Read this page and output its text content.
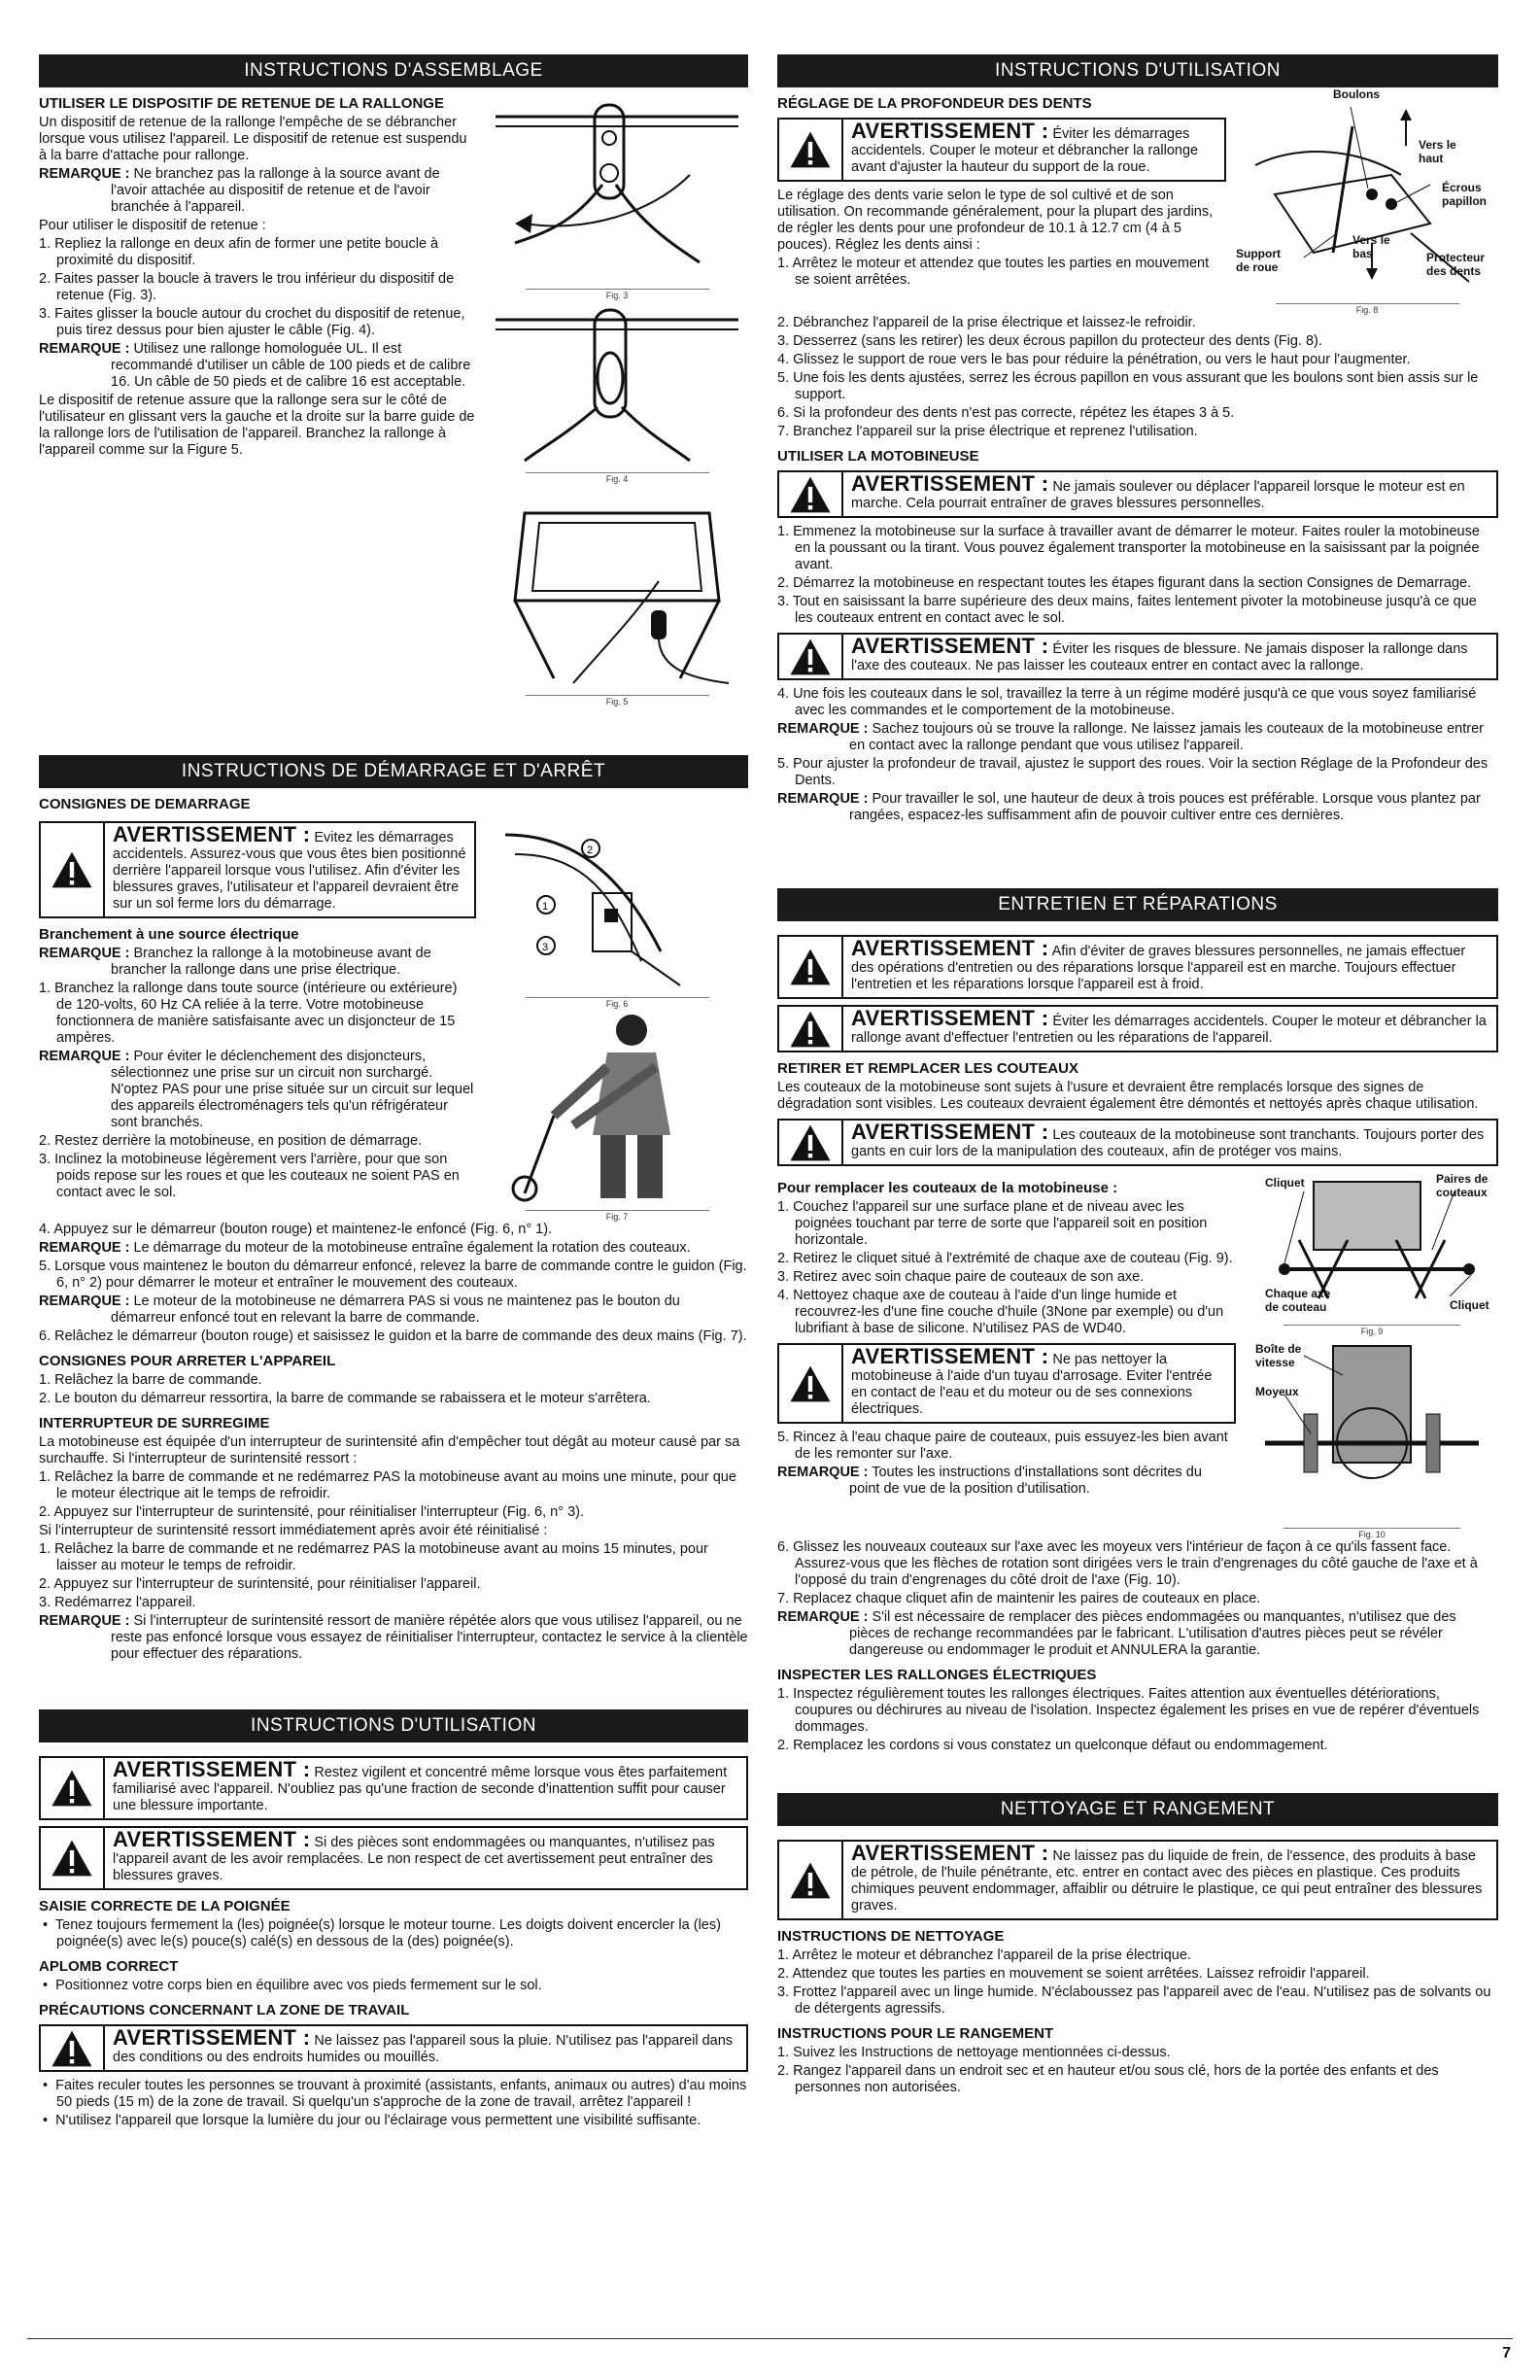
INSTRUCTIONS D'ASSEMBLAGE
UTILISER LE DISPOSITIF DE RETENUE DE LA RALLONGE
Un dispositif de retenue de la rallonge l'empêche de se débrancher lorsque vous utilisez l'appareil. Le dispositif de retenue est suspendu à la barre d'attache pour rallonge.
REMARQUE : Ne branchez pas la rallonge à la source avant de l'avoir attachée au dispositif de retenue et de l'avoir branchée à l'appareil.
Pour utiliser le dispositif de retenue :
1. Repliez la rallonge en deux afin de former une petite boucle à proximité du dispositif.
2. Faites passer la boucle à travers le trou inférieur du dispositif de retenue (Fig. 3).
3. Faites glisser la boucle autour du crochet du dispositif de retenue, puis tirez dessus pour bien ajuster le câble (Fig. 4).
REMARQUE : Utilisez une rallonge homologuée UL. Il est recommandé d'utiliser un câble de 100 pieds et de calibre 16. Un câble de 50 pieds et de calibre 16 est acceptable.
Le dispositif de retenue assure que la rallonge sera sur le côté de l'utilisateur en glissant vers la gauche et la droite sur la barre guide de la rallonge lors de l'utilisation de l'appareil. Branchez la rallonge à l'appareil comme sur la Figure 5.
Fig. 3
Fig. 4
Fig. 5
INSTRUCTIONS DE DÉMARRAGE ET D'ARRÊT
CONSIGNES DE DEMARRAGE
AVERTISSEMENT : Evitez les démarrages accidentels. Assurez-vous que vous êtes bien positionné derrière l'appareil lorsque vous l'utilisez. Afin d'éviter les blessures graves, l'utilisateur et l'appareil devraient être sur un sol ferme lors du démarrage.
Branchement à une source électrique
REMARQUE : Branchez la rallonge à la motobineuse avant de brancher la rallonge dans une prise électrique.
1. Branchez la rallonge dans toute source (intérieure ou extérieure) de 120-volts, 60 Hz CA reliée à la terre. Votre motobineuse fonctionnera de manière satisfaisante avec un disjoncteur de 15 ampères.
REMARQUE : Pour éviter le déclenchement des disjoncteurs, sélectionnez une prise sur un circuit non surchargé. N'optez PAS pour une prise située sur un circuit sur lequel des appareils électroménagers tels qu'un réfrigérateur sont branchés.
2. Restez derrière la motobineuse, en position de démarrage.
3. Inclinez la motobineuse légèrement vers l'arrière, pour que son poids repose sur les roues et que les couteaux ne soient PAS en contact avec le sol.
2
1
3
Fig. 6
Fig. 7
4. Appuyez sur le démarreur (bouton rouge) et maintenez-le enfoncé (Fig. 6, n° 1).
REMARQUE : Le démarrage du moteur de la motobineuse entraîne également la rotation des couteaux.
5. Lorsque vous maintenez le bouton du démarreur enfoncé, relevez la barre de commande contre le guidon (Fig. 6, n° 2) pour démarrer le moteur et entraîner le mouvement des couteaux.
REMARQUE : Le moteur de la motobineuse ne démarrera PAS si vous ne maintenez pas le bouton du démarreur enfoncé tout en relevant la barre de commande.
6. Relâchez le démarreur (bouton rouge) et saisissez le guidon et la barre de commande des deux mains (Fig. 7).
CONSIGNES POUR ARRETER L'APPAREIL
1. Relâchez la barre de commande.
2. Le bouton du démarreur ressortira, la barre de commande se rabaissera et le moteur s'arrêtera.
INTERRUPTEUR DE SURREGIME
La motobineuse est équipée d'un interrupteur de surintensité afin d'empêcher tout dégât au moteur causé par sa surchauffe. Si l'interrupteur de surintensité ressort :
1. Relâchez la barre de commande et ne redémarrez PAS la motobineuse avant au moins une minute, pour que le moteur électrique ait le temps de refroidir.
2. Appuyez sur l'interrupteur de surintensité, pour réinitialiser l'interrupteur (Fig. 6, n° 3).
Si l'interrupteur de surintensité ressort immédiatement après avoir été réinitialisé :
1. Relâchez la barre de commande et ne redémarrez PAS la motobineuse avant au moins 15 minutes, pour laisser au moteur le temps de refroidir.
2. Appuyez sur l'interrupteur de surintensité, pour réinitialiser l'appareil.
3. Redémarrez l'appareil.
REMARQUE : Si l'interrupteur de surintensité ressort de manière répétée alors que vous utilisez l'appareil, ou ne reste pas enfoncé lorsque vous essayez de réinitialiser l'interrupteur, contactez le service à la clientèle pour effectuer des réparations.
INSTRUCTIONS D'UTILISATION
AVERTISSEMENT : Restez vigilent et concentré même lorsque vous êtes parfaitement familiarisé avec l'appareil. N'oubliez pas qu'une fraction de seconde d'inattention suffit pour causer une blessure importante.
AVERTISSEMENT : Si des pièces sont endommagées ou manquantes, n'utilisez pas l'appareil avant de les avoir remplacées. Le non respect de cet avertissement peut entraîner des blessures graves.
SAISIE CORRECTE DE LA POIGNÉE
•  Tenez toujours fermement la (les) poignée(s) lorsque le moteur tourne. Les doigts doivent encercler la (les) poignée(s) avec le(s) pouce(s) calé(s) en dessous de la (des) poignée(s).
APLOMB CORRECT
•  Positionnez votre corps bien en équilibre avec vos pieds fermement sur le sol.
PRÉCAUTIONS CONCERNANT LA ZONE DE TRAVAIL
AVERTISSEMENT : Ne laissez pas l'appareil sous la pluie. N'utilisez pas l'appareil dans des conditions ou des endroits humides ou mouillés.
•  Faites reculer toutes les personnes se trouvant à proximité (assistants, enfants, animaux ou autres) d'au moins 50 pieds (15 m) de la zone de travail. Si quelqu'un s'approche de la zone de travail, arrêtez l'appareil !
•  N'utilisez l'appareil que lorsque la lumière du jour ou l'éclairage vous permettent une visibilité suffisante.
INSTRUCTIONS D'UTILISATION
RÉGLAGE DE LA PROFONDEUR DES DENTS
AVERTISSEMENT : Éviter les démarrages accidentels. Couper le moteur et débrancher la rallonge avant d'ajuster la hauteur du support de la roue.
Le réglage des dents varie selon le type de sol cultivé et de son utilisation. On recommande généralement, pour la plupart des jardins, de régler les dents pour une profondeur de 10.1 à 12.7 cm (4 à 5 pouces). Réglez les dents ainsi :
1. Arrêtez le moteur et attendez que toutes les parties en mouvement se soient arrêtées.
Boulons
Vers le haut
Écrous papillon
Support de roue
Vers le bas	Protecteur des dents
Fig. 8
2. Débranchez l'appareil de la prise électrique et laissez-le refroidir.
3. Desserrez (sans les retirer) les deux écrous papillon du protecteur des dents (Fig. 8).
4. Glissez le support de roue vers le bas pour réduire la pénétration, ou vers le haut pour l'augmenter.
5. Une fois les dents ajustées, serrez les écrous papillon en vous assurant que les boulons sont bien assis sur le support.
6. Si la profondeur des dents n'est pas correcte, répétez les étapes 3 à 5.
7. Branchez l'appareil sur la prise électrique et reprenez l'utilisation.
UTILISER LA MOTOBINEUSE
AVERTISSEMENT : Ne jamais soulever ou déplacer l'appareil lorsque le moteur est en marche. Cela pourrait entraîner de graves blessures personnelles.
1. Emmenez la motobineuse sur la surface à travailler avant de démarrer le moteur. Faites rouler la motobineuse en la poussant ou la tirant. Vous pouvez également transporter la motobineuse en la saisissant par la poignée avant.
2. Démarrez la motobineuse en respectant toutes les étapes figurant dans la section Consignes de Demarrage.
3. Tout en saisissant la barre supérieure des deux mains, faites lentement pivoter la motobineuse jusqu'à ce que les couteaux entrent en contact avec le sol.
AVERTISSEMENT : Éviter les risques de blessure. Ne jamais disposer la rallonge dans l'axe des couteaux. Ne pas laisser les couteaux entrer en contact avec la rallonge.
4. Une fois les couteaux dans le sol, travaillez la terre à un régime modéré jusqu'à ce que vous soyez familiarisé avec les commandes et le comportement de la motobineuse.
REMARQUE : Sachez toujours où se trouve la rallonge. Ne laissez jamais les couteaux de la motobineuse entrer en contact avec la rallonge pendant que vous utilisez l'appareil.
5. Pour ajuster la profondeur de travail, ajustez le support des roues. Voir la section Réglage de la Profondeur des Dents.
REMARQUE : Pour travailler le sol, une hauteur de deux à trois pouces est préférable. Lorsque vous plantez par rangées, espacez-les suffisamment afin de pouvoir cultiver entre ces dernières.
ENTRETIEN ET RÉPARATIONS
AVERTISSEMENT : Afin d'éviter de graves blessures personnelles, ne jamais effectuer des opérations d'entretien ou des réparations lorsque l'appareil est en marche. Toujours effectuer l'entretien et les réparations lorsque l'appareil est à froid.
AVERTISSEMENT : Éviter les démarrages accidentels. Couper le moteur et débrancher la rallonge avant d'effectuer l'entretien ou les réparations de l'appareil.
RETIRER ET REMPLACER LES COUTEAUX
Les couteaux de la motobineuse sont sujets à l'usure et devraient être remplacés lorsque des signes de dégradation sont visibles. Les couteaux devraient également être démontés et nettoyés après chaque utilisation.
AVERTISSEMENT : Les couteaux de la motobineuse sont tranchants. Toujours porter des gants en cuir lors de la manipulation des couteaux, afin de protéger vos mains.
Pour remplacer les couteaux de la motobineuse :
1. Couchez l'appareil sur une surface plane et de niveau avec les poignées touchant par terre de sorte que l'appareil soit en position horizontale.
2. Retirez le cliquet situé à l'extrémité de chaque axe de couteau (Fig. 9).
3. Retirez avec soin chaque paire de couteaux de son axe.
4. Nettoyez chaque axe de couteau à l'aide d'un linge humide et recouvrez-les d'une fine couche d'huile (3None par exemple) ou d'un lubrifiant à base de silicone. N'utilisez PAS de WD40.
AVERTISSEMENT : Ne pas nettoyer la motobineuse à l'aide d'un tuyau d'arrosage. Eviter l'entrée en contact de l'eau et du moteur ou de ses connexions électriques.
5. Rincez à l'eau chaque paire de couteaux, puis essuyez-les bien avant de les remonter sur l'axe.
REMARQUE : Toutes les instructions d'installations sont décrites du point de vue de la position d'utilisation.
Cliquet	Paires de couteaux
Chaque axe de couteau	Cliquet
Fig. 9
Boîte de vitesse
Moyeux
Fig. 10
6. Glissez les nouveaux couteaux sur l'axe avec les moyeux vers l'intérieur de façon à ce qu'ils fassent face. Assurez-vous que les flèches de rotation sont dirigées vers le train d'engrenages du côté gauche de l'axe et à l'opposé du train d'engrenages du côté droit de l'axe (Fig. 10).
7. Replacez chaque cliquet afin de maintenir les paires de couteaux en place.
REMARQUE : S'il est nécessaire de remplacer des pièces endommagées ou manquantes, n'utilisez que des pièces de rechange recommandées par le fabricant. L'utilisation d'autres pièces peut se révéler dangereuse ou endommager le produit et ANNULERA la garantie.
INSPECTER LES RALLONGES ÉLECTRIQUES
1. Inspectez régulièrement toutes les rallonges électriques. Faites attention aux éventuelles détériorations, coupures ou déchirures au niveau de l'isolation. Inspectez également les prises en vue de repérer d'éventuels dommages.
2. Remplacez les cordons si vous constatez un quelconque défaut ou endommagement.
NETTOYAGE ET RANGEMENT
AVERTISSEMENT : Ne laissez pas du liquide de frein, de l'essence, des produits à base de pétrole, de l'huile pénétrante, etc. entrer en contact avec des pièces en plastique. Ces produits chimiques peuvent endommager, affaiblir ou détruire le plastique, ce qui peut entraîner des blessures graves.
INSTRUCTIONS DE NETTOYAGE
1. Arrêtez le moteur et débranchez l'appareil de la prise électrique.
2. Attendez que toutes les parties en mouvement se soient arrêtées. Laissez refroidir l'appareil.
3. Frottez l'appareil avec un linge humide. N'éclaboussez pas l'appareil avec de l'eau. N'utilisez pas de solvants ou de détergents agressifs.
INSTRUCTIONS POUR LE RANGEMENT
1. Suivez les Instructions de nettoyage mentionnées ci-dessus.
2. Rangez l'appareil dans un endroit sec et en hauteur et/ou sous clé, hors de la portée des enfants et des personnes non autorisées.
7
